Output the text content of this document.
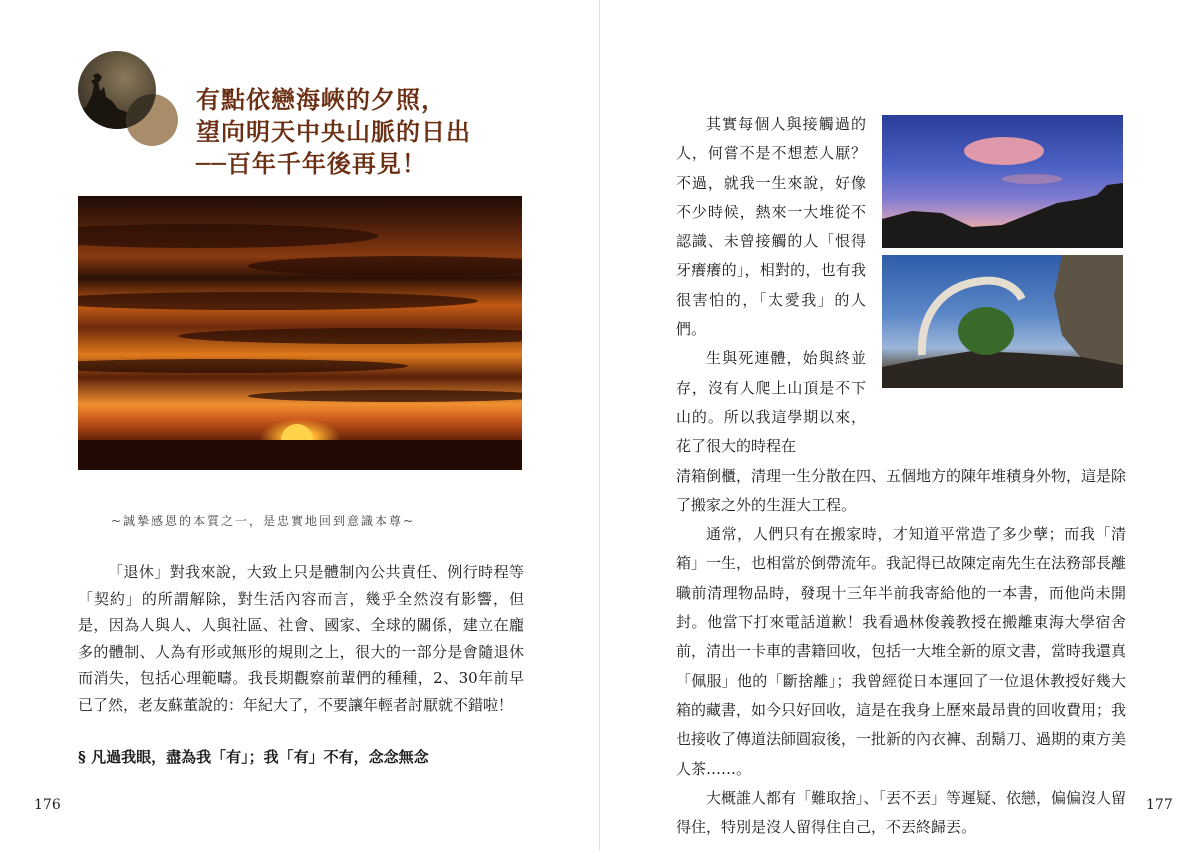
有點依戀海峽的夕照，
望向明天中央山脈的日出
──百年千年後再見！
~誠摯感恩的本質之一，是忠實地回到意識本尊~

「退休」對我來說，大致上只是體制內公共責任、例行時程等「契約」的所謂解除，對生活內容而言，幾乎全然沒有影響，但是，因為人與人、人與社區、社會、國家、全球的關係，建立在龐多的體制、人為有形或無形的規則之上，很大的一部分是會隨退休而消失，包括心理範疇。我長期觀察前輩們的種種，2、30年前早已了然，老友蘇董說的：年紀大了，不要讓年輕者討厭就不錯啦！

§ 凡過我眼，盡為我「有」；我「有」不有，念念無念
176

其實每個人與接觸過的人，何嘗不是不想惹人厭？不過，就我一生來說，好像不少時候，熱來一大堆從不認識、未曾接觸的人「恨得牙癢癢的」，相對的，也有我很害怕的，「太愛我」的人們。

生與死連體，始與終並存，沒有人爬上山頂是不下山的。所以我這學期以來，花了很大的時程在

清箱倒櫃，清理一生分散在四、五個地方的陳年堆積身外物，這是除了搬家之外的生涯大工程。

通常，人們只有在搬家時，才知道平常造了多少孽；而我「清箱」一生，也相當於倒帶流年。我記得已故陳定南先生在法務部長離職前清理物品時，發現十三年半前我寄給他的一本書，而他尚未開封。他當下打來電話道歉！我看過林俊義教授在搬離東海大學宿舍前，清出一卡車的書籍回收，包括一大堆全新的原文書，當時我還真「佩服」他的「斷捨離」；我曾經從日本運回了一位退休教授好幾大箱的藏書，如今只好回收，這是在我身上歷來最昂貴的回收費用；我也接收了傳道法師圓寂後，一批新的內衣褲、刮鬍刀、過期的東方美人茶……。

大概誰人都有「難取捨」、「丟不丟」等遲疑、依戀，偏偏沒人留得住，特別是沒人留得住自己，不丟終歸丟。

177
